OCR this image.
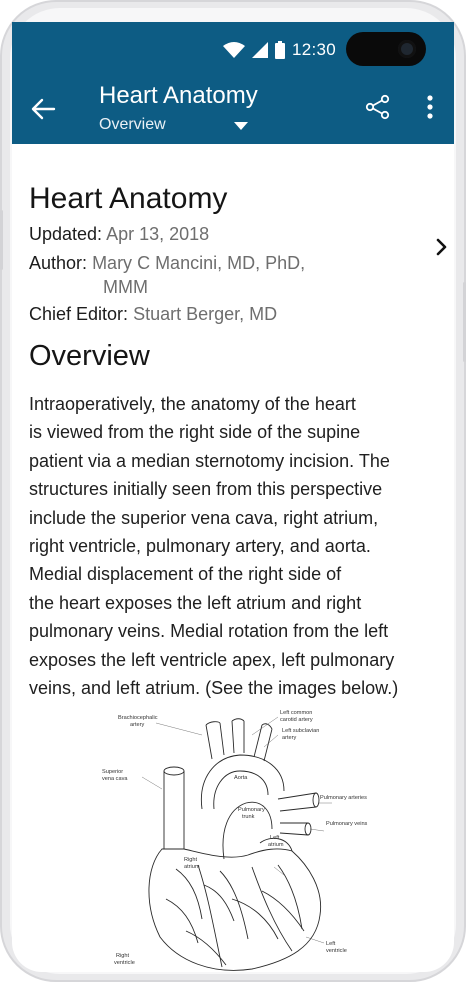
12:30
Heart Anatomy
Overview
Heart Anatomy
Updated: Apr 13, 2018
Author: Mary C Mancini, MD, PhD,
MMM
Chief Editor: Stuart Berger, MD
Overview
Intraoperatively, the anatomy of the heart
is viewed from the right side of the supine
patient via a median sternotomy incision. The
structures initially seen from this perspective
include the superior vena cava, right atrium,
right ventricle, pulmonary artery, and aorta.
Medial displacement of the right side of
the heart exposes the left atrium and right
pulmonary veins. Medial rotation from the left
exposes the left ventricle apex, left pulmonary
veins, and left atrium. (See the images below.)
Brachiocephalic
artery
Left common
carotid artery
Left subclavian
artery
Superior
vena cava	Aorta
Pulmonary arteries
Pulmonary
trunk
Pulmonary veins
Left
atrium
Right
atrium
Left
ventricle
Right
ventricle
